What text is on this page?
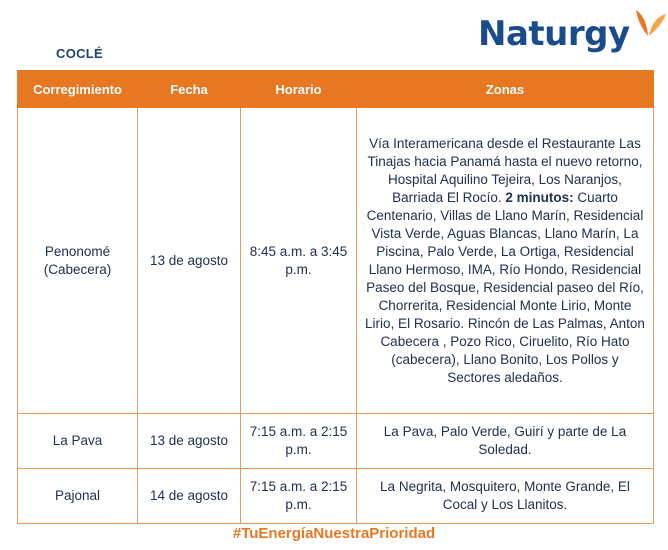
COCLÉ	Naturgy
Corregimiento	Fecha	Horario	Zonas
Penonomé (Cabecera)	13 de agosto	8:45 a.m. a 3:45 p.m.	Vía Interamericana desde el Restaurante Las Tinajas hacia Panamá hasta el nuevo retorno, Hospital Aquilino Tejeira, Los Naranjos, Barriada El Rocío. 2 minutos: Cuarto Centenario, Villas de Llano Marín, Residencial Vista Verde, Aguas Blancas, Llano Marín, La Piscina, Palo Verde, La Ortiga, Residencial Llano Hermoso, IMA, Río Hondo, Residencial Paseo del Bosque, Residencial paseo del Río, Chorrerita, Residencial Monte Lirio, Monte Lirio, El Rosario. Rincón de Las Palmas, Anton Cabecera , Pozo Rico, Ciruelito, Río Hato (cabecera), Llano Bonito, Los Pollos y Sectores aledaños.
La Pava	13 de agosto	7:15 a.m. a 2:15 p.m.	La Pava, Palo Verde, Guirí y parte de La Soledad.
Pajonal	14 de agosto	7:15 a.m. a 2:15 p.m.	La Negrita, Mosquitero, Monte Grande, El Cocal y Los Llanitos.
#TuEnergíaNuestraPrioridad
